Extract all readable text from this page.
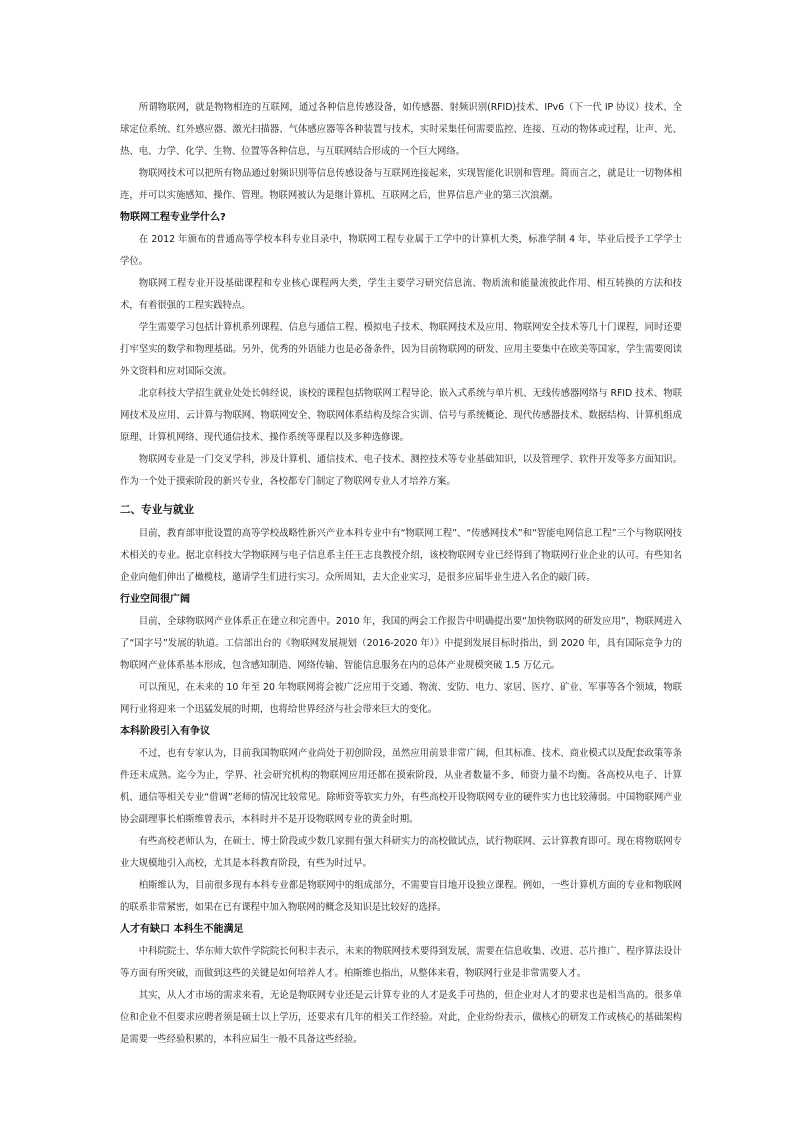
所谓物联网，就是物物相连的互联网，通过各种信息传感设备，如传感器、射频识别(RFID)技术、IPv6（下一代 IP 协议）技术、全球定位系统、红外感应器、激光扫描器、气体感应器等各种装置与技术，实时采集任何需要监控、连接、互动的物体或过程，让声、光、热、电、力学、化学、生物、位置等各种信息，与互联网结合形成的一个巨大网络。

物联网技术可以把所有物品通过射频识别等信息传感设备与互联网连接起来，实现智能化识别和管理。简而言之，就是让一切物体相连，并可以实施感知、操作、管理。物联网被认为是继计算机、互联网之后，世界信息产业的第三次浪潮。

物联网工程专业学什么?

在 2012 年颁布的普通高等学校本科专业目录中，物联网工程专业属于工学中的计算机大类，标准学制 4 年，毕业后授予工学学士学位。

物联网工程专业开设基础课程和专业核心课程两大类，学生主要学习研究信息流、物质流和能量流彼此作用、相互转换的方法和技术，有着很强的工程实践特点。

学生需要学习包括计算机系列课程、信息与通信工程、模拟电子技术、物联网技术及应用、物联网安全技术等几十门课程，同时还要打牢坚实的数学和物理基础。另外，优秀的外语能力也是必备条件，因为目前物联网的研发、应用主要集中在欧美等国家，学生需要阅读外文资料和应对国际交流。

北京科技大学招生就业处处长韩经说，该校的课程包括物联网工程导论、嵌入式系统与单片机、无线传感器网络与 RFID 技术、物联网技术及应用、云计算与物联网、物联网安全、物联网体系结构及综合实训、信号与系统概论、现代传感器技术、数据结构、计算机组成原理、计算机网络、现代通信技术、操作系统等课程以及多种选修课。

物联网专业是一门交叉学科，涉及计算机、通信技术、电子技术、测控技术等专业基础知识，以及管理学、软件开发等多方面知识。作为一个处于摸索阶段的新兴专业，各校都专门制定了物联网专业人才培养方案。

二、专业与就业

目前，教育部审批设置的高等学校战略性新兴产业本科专业中有“物联网工程”、“传感网技术”和“智能电网信息工程”三个与物联网技术相关的专业。据北京科技大学物联网与电子信息系主任王志良教授介绍，该校物联网专业已经得到了物联网行业企业的认可。有些知名企业向他们伸出了橄榄枝，邀请学生们进行实习。众所周知，去大企业实习，是很多应届毕业生进入名企的敲门砖。

行业空间很广阔

目前，全球物联网产业体系正在建立和完善中。2010 年，我国的两会工作报告中明确提出要“加快物联网的研发应用”，物联网进入了“国字号”发展的轨道。工信部出台的《物联网发展规划（2016-2020 年）》中提到发展目标时指出，到 2020 年，具有国际竞争力的物联网产业体系基本形成，包含感知制造、网络传输、智能信息服务在内的总体产业规模突破 1.5 万亿元。

可以预见，在未来的 10 年至 20 年物联网将会被广泛应用于交通、物流、安防、电力、家居、医疗、矿业、军事等各个领域，物联网行业将迎来一个迅猛发展的时期，也将给世界经济与社会带来巨大的变化。

本科阶段引入有争议

不过，也有专家认为，目前我国物联网产业尚处于初创阶段，虽然应用前景非常广阔，但其标准、技术、商业模式以及配套政策等条件还未成熟。迄今为止，学界、社会研究机构的物联网应用还都在摸索阶段，从业者数量不多，师资力量不均衡。各高校从电子、计算机、通信等相关专业“借调”老师的情况比较常见。除师资等软实力外，有些高校开设物联网专业的硬件实力也比较薄弱。中国物联网产业协会副理事长柏斯维曾表示，本科时并不是开设物联网专业的黄金时期。

有些高校老师认为，在硕士、博士阶段或少数几家拥有强大科研实力的高校做试点，试行物联网、云计算教育即可。现在将物联网专业大规模地引入高校，尤其是本科教育阶段，有些为时过早。

柏斯维认为，目前很多现有本科专业都是物联网中的组成部分，不需要盲目地开设独立课程。例如，一些计算机方面的专业和物联网的联系非常紧密，如果在已有课程中加入物联网的概念及知识是比较好的选择。

人才有缺口 本科生不能满足

中科院院士、华东师大软件学院院长何积丰表示，未来的物联网技术要得到发展，需要在信息收集、改进、芯片推广、程序算法设计等方面有所突破，而做到这些的关键是如何培养人才。柏斯维也指出，从整体来看，物联网行业是非常需要人才。

其实，从人才市场的需求来看，无论是物联网专业还是云计算专业的人才是炙手可热的，但企业对人才的要求也是相当高的。很多单位和企业不但要求应聘者须是硕士以上学历，还要求有几年的相关工作经验。对此，企业纷纷表示，做核心的研发工作或核心的基础架构是需要一些经验积累的，本科应届生一般不具备这些经验。
